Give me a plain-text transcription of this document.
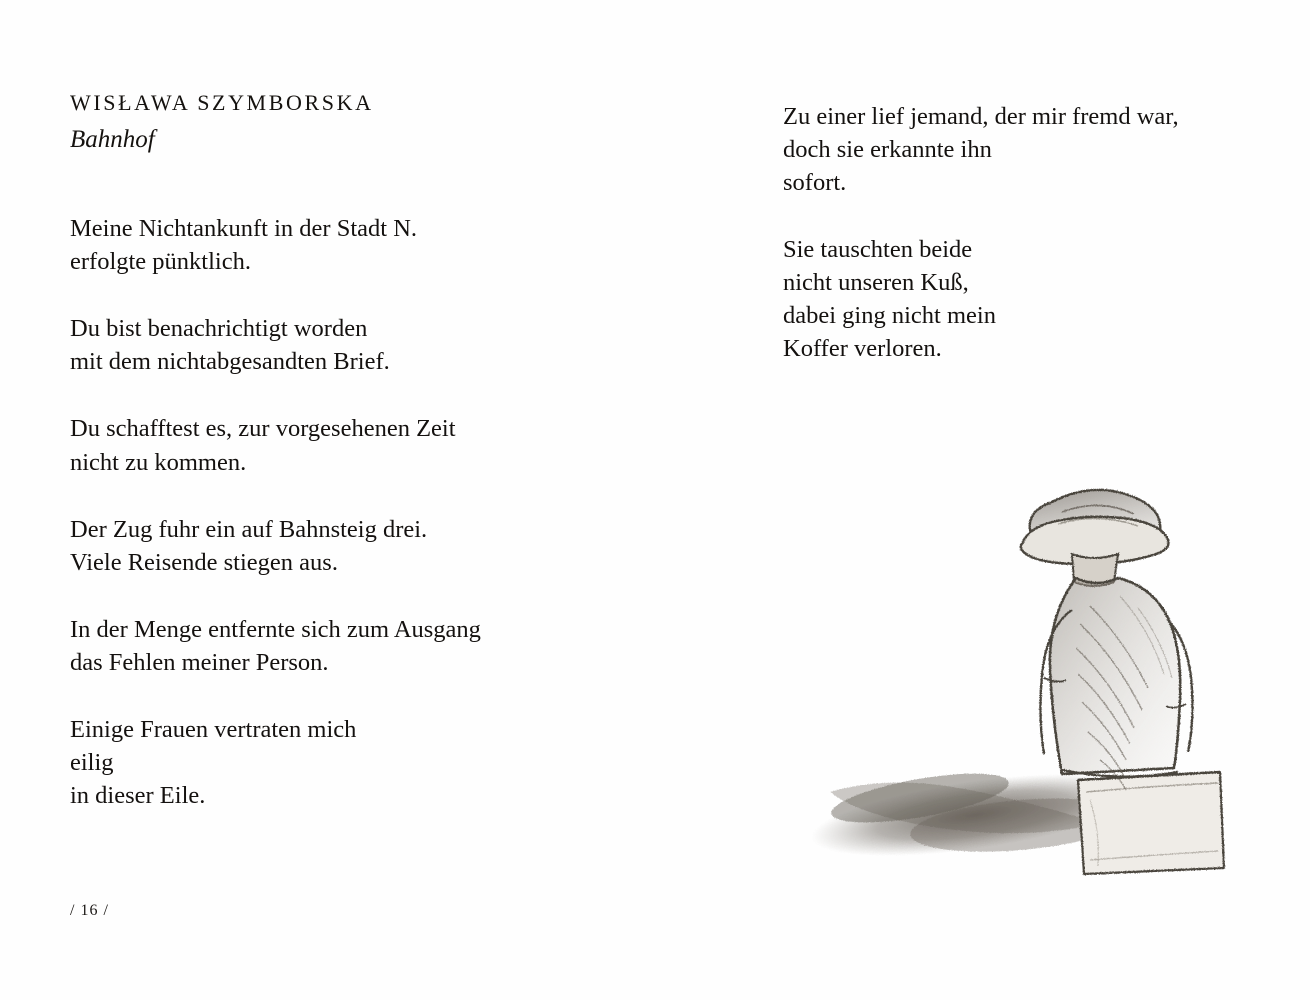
WISŁAWA SZYMBORSKA
Bahnhof
Meine Nichtankunft in der Stadt N.
erfolgte pünktlich.
Du bist benachrichtigt worden
mit dem nichtabgesandten Brief.
Du schafftest es, zur vorgesehenen Zeit
nicht zu kommen.
Der Zug fuhr ein auf Bahnsteig drei.
Viele Reisende stiegen aus.
In der Menge entfernte sich zum Ausgang
das Fehlen meiner Person.
Einige Frauen vertraten mich
eilig
in dieser Eile.
Zu einer lief jemand, der mir fremd war,
doch sie erkannte ihn
sofort.
Sie tauschten beide
nicht unseren Kuß,
dabei ging nicht mein
Koffer verloren.
/ 16 /
